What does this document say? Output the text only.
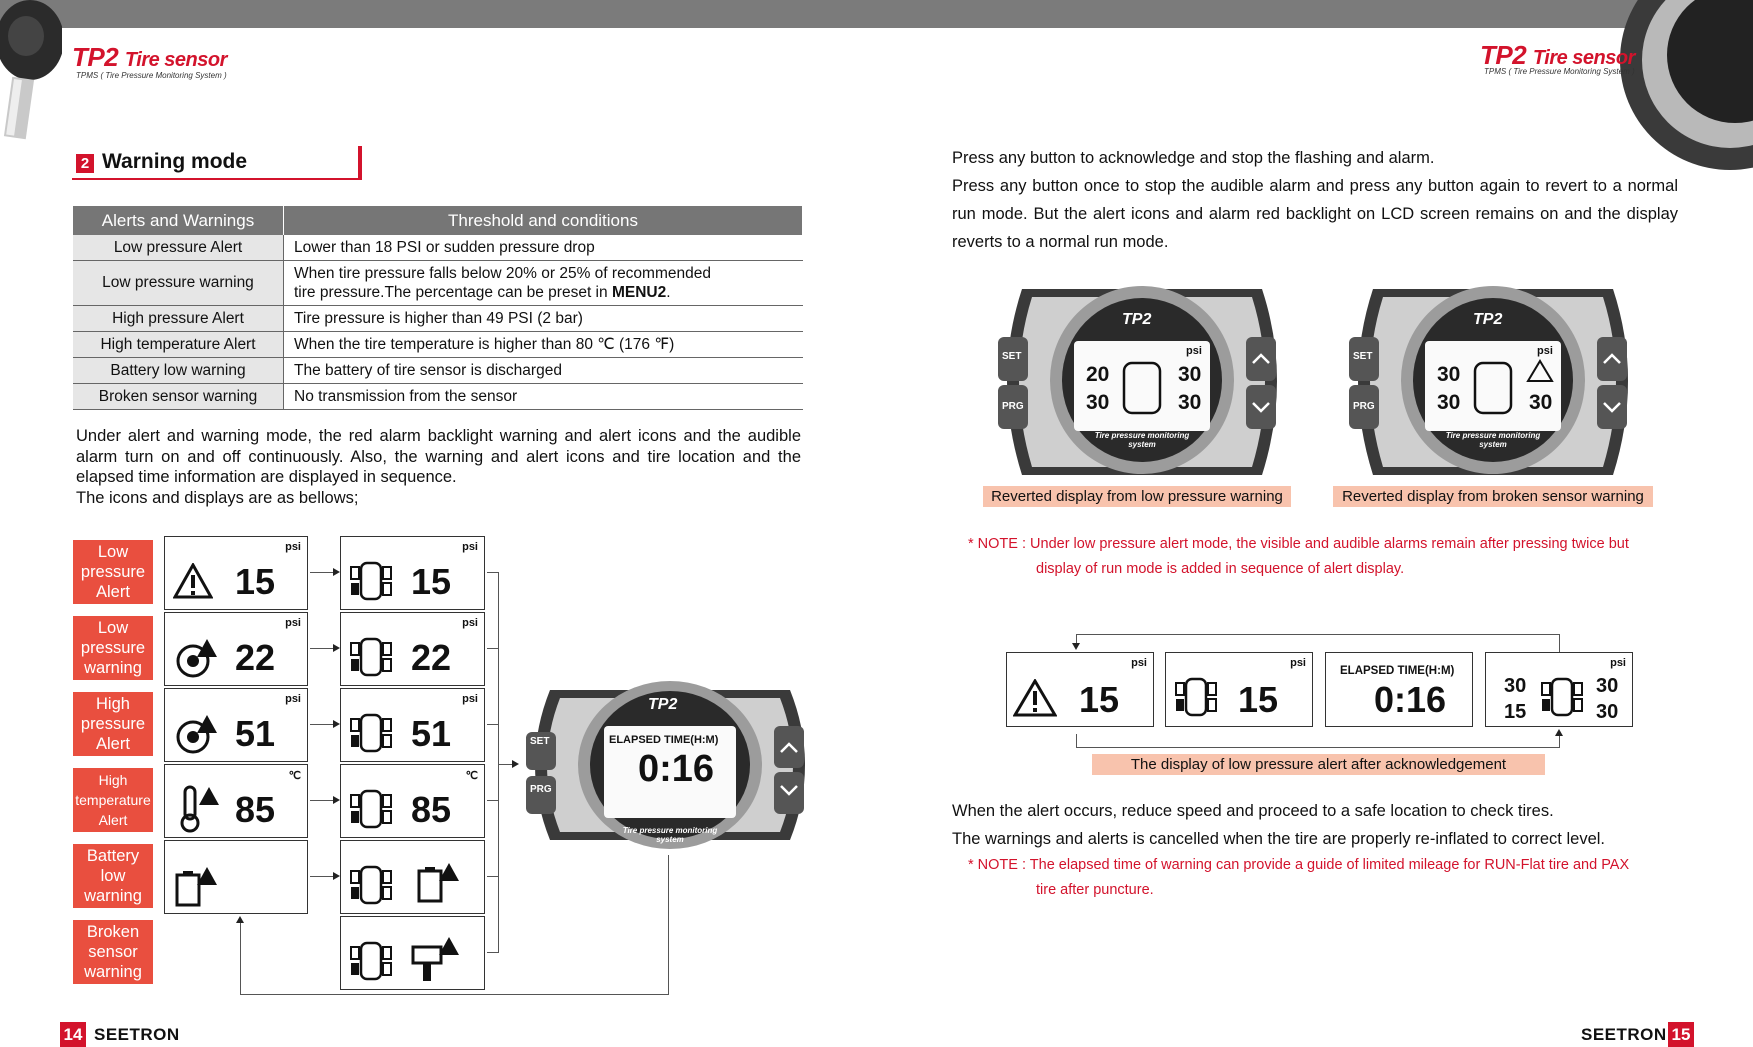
TP2 Tire sensor
TPMS ( Tire Pressure Monitoring System )
TP2 Tire sensor
TPMS ( Tire Pressure Monitoring System )
2 Warning mode
Alerts and Warnings	Threshold and conditions
Low pressure Alert	Lower than 18 PSI or sudden pressure drop
Low pressure warning	When tire pressure falls below 20% or 25% of recommended
tire pressure.The percentage can be preset in MENU2.
High pressure Alert	Tire pressure is higher than 49 PSI (2 bar)
High temperature Alert	When the tire temperature is higher than 80 ℃ (176 ℉)
Battery low warning	The battery of tire sensor is discharged
Broken sensor warning	No transmission from the sensor
Under alert and warning mode, the red alarm backlight warning and alert icons and the audible alarm turn on and off continuously. Also, the warning and alert icons and tire location and the elapsed time information are displayed in sequence.
The icons and displays are as bellows;
Low
pressure
Alert
Low
pressure
warning
High
pressure
Alert
High
temperature
Alert
Battery
low
warning
Broken
sensor
warning
psi
15
psi
22
psi
51
℃
85
psi
15
psi
22
psi
51
℃
85
TP2
SET
PRG
ELAPSED TIME(H:M)
0:16
Tire pressure monitoring
system
Press any button to acknowledge and stop the flashing and alarm.
Press any button once to stop the audible alarm and press any button again to revert to a normal run mode. But the alert icons and alarm red backlight on LCD screen remains on and the display reverts to a normal run mode.
TP2
SET
PRG
psi
20	30
30	30
Tire pressure monitoring
system
Reverted display from low pressure warning
TP2
SET
PRG
psi
30
30	30
Tire pressure monitoring
system
Reverted display from broken sensor warning
* NOTE : Under low pressure alert mode, the visible and audible alarms remain after pressing twice but
display of run mode is added in sequence of alert display.
psi
15
psi
15
ELAPSED TIME(H:M)
0:16
psi
30	30
15	30
The display of low pressure alert after acknowledgement
When the alert occurs, reduce speed and proceed to a safe location to check tires.
The warnings and alerts is cancelled when the tire are properly re-inflated to correct level.
* NOTE : The elapsed time of warning can provide a guide of limited mileage for RUN-Flat tire and PAX
tire after puncture.
14 SEETRON	SEETRON 15
